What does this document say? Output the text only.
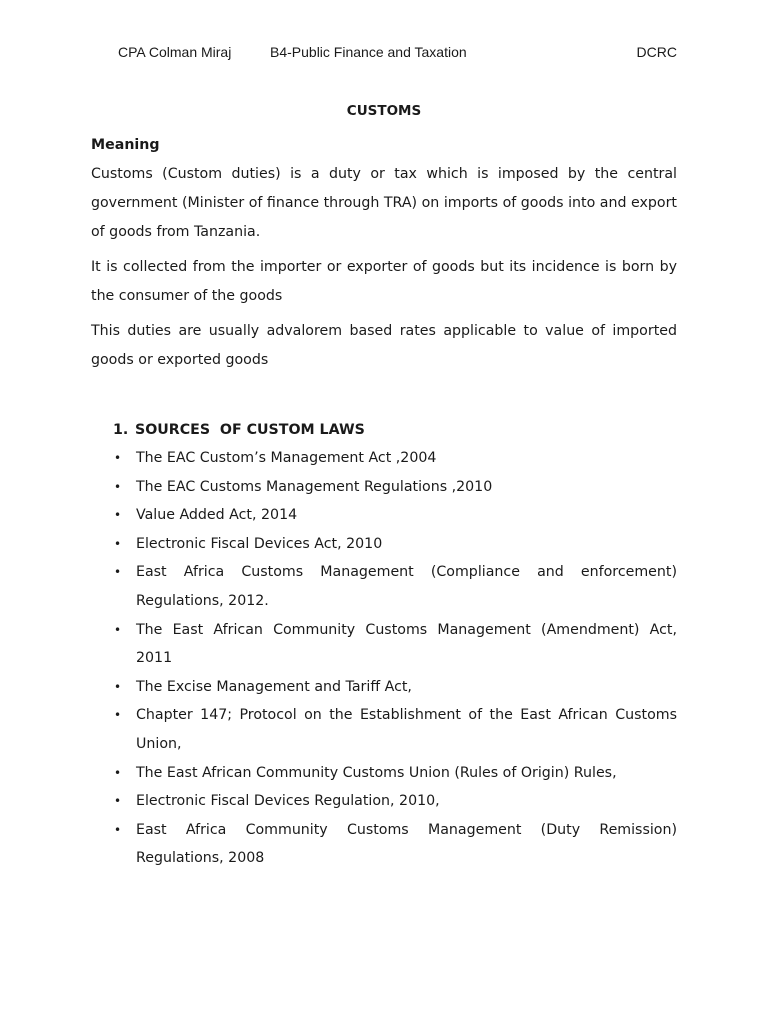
CPA Colman Miraj	B4-Public Finance and Taxation	DCRC
CUSTOMS
Meaning

Customs (Custom duties) is a duty or tax which is imposed by the central government (Minister of finance through TRA) on imports of goods into and export of goods from Tanzania.

It is collected from the importer or exporter of goods but its incidence is born by the consumer of the goods

This duties are usually advalorem based rates applicable to value of imported goods or exported goods

1. SOURCES  OF CUSTOM LAWS
• The EAC Custom’s Management Act ,2004
• The EAC Customs Management Regulations ,2010
• Value Added Act, 2014
• Electronic Fiscal Devices Act, 2010
• East Africa Customs Management (Compliance and enforcement) Regulations, 2012.
• The East African Community Customs Management (Amendment) Act, 2011
• The Excise Management and Tariff Act,
• Chapter 147; Protocol on the Establishment of the East African Customs Union,
• The East African Community Customs Union (Rules of Origin) Rules,
• Electronic Fiscal Devices Regulation, 2010,
• East Africa Community Customs Management (Duty Remission) Regulations, 2008
